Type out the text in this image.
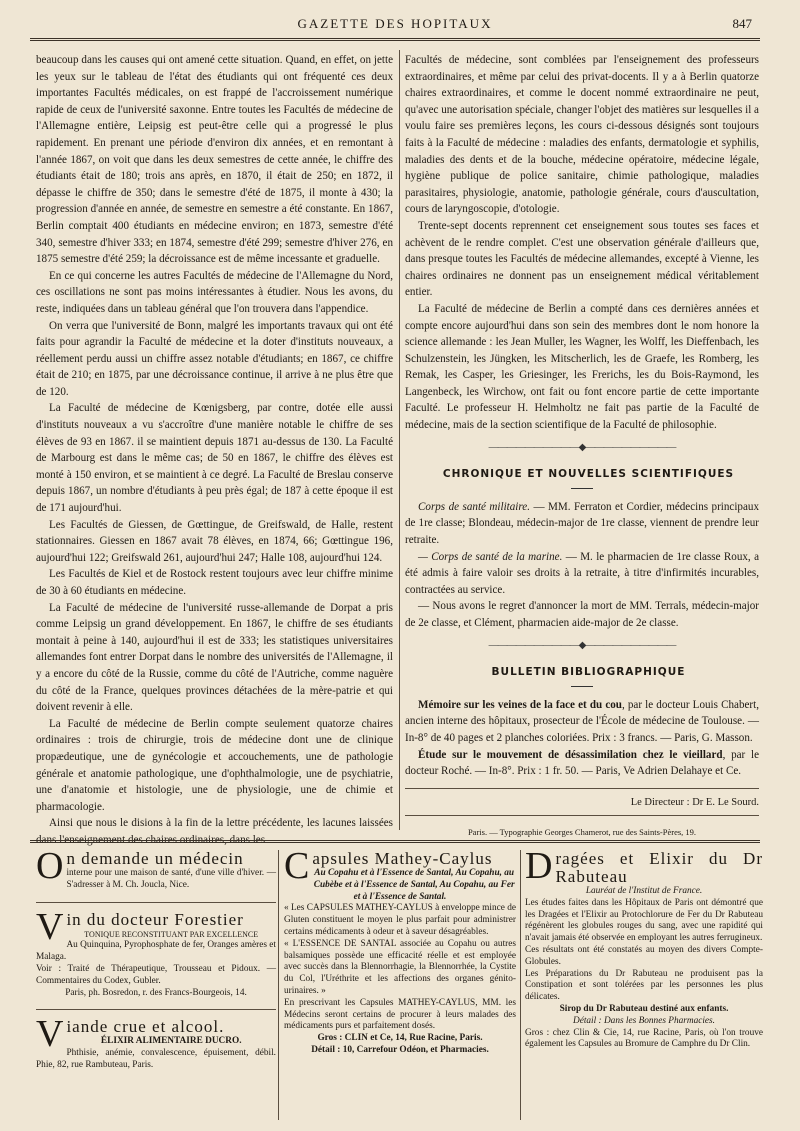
GAZETTE DES HOPITAUX	847

beaucoup dans les causes qui ont amené cette situation. Quand, en effet, on jette les yeux sur le tableau de l'état des étudiants qui ont fréquenté ces deux importantes Facultés médicales, on est frappé de l'accroissement numérique rapide de ceux de l'université saxonne. Entre toutes les Facultés de médecine de l'Allemagne entière, Leipsig est peut-être celle qui a progressé le plus rapidement. En prenant une période d'environ dix années, et en remontant à l'année 1867, on voit que dans les deux semestres de cette année, le chiffre des étudiants était de 180; trois ans après, en 1870, il était de 250; en 1872, il dépasse le chiffre de 350; dans le semestre d'été de 1875, il monte à 430; la progression d'année en année, de semestre en semestre a été constante. En 1867, Berlin comptait 400 étudiants en médecine environ; en 1873, semestre d'été 340, semestre d'hiver 333; en 1874, semestre d'été 299; semestre d'hiver 276, en 1875 semestre d'été 259; la décroissance est de même incessante et graduelle.

En ce qui concerne les autres Facultés de médecine de l'Allemagne du Nord, ces oscillations ne sont pas moins intéressantes à étudier. Nous les avons, du reste, indiquées dans un tableau général que l'on trouvera dans l'appendice.

On verra que l'université de Bonn, malgré les importants travaux qui ont été faits pour agrandir la Faculté de médecine et la doter d'instituts nouveaux, a réellement perdu aussi un chiffre assez notable d'étudiants; en 1867, ce chiffre était de 210; en 1875, par une décroissance continue, il arrive à ne plus être que de 120.

La Faculté de médecine de Kœnigsberg, par contre, dotée elle aussi d'instituts nouveaux a vu s'accroître d'une manière notable le chiffre de ses élèves de 93 en 1867. il se maintient depuis 1871 au-dessus de 130. La Faculté de Marbourg est dans le même cas; de 50 en 1867, le chiffre des élèves est monté à 150 environ, et se maintient à ce degré. La Faculté de Breslau conserve depuis 1867, un nombre d'étudiants à peu près égal; de 187 à cette époque il est de 171 aujourd'hui.

Les Facultés de Giessen, de Gœttingue, de Greifswald, de Halle, restent stationnaires. Giessen en 1867 avait 78 élèves, en 1874, 66; Gœttingue 196, aujourd'hui 122; Greifswald 261, aujourd'hui 247; Halle 108, aujourd'hui 124.

Les Facultés de Kiel et de Rostock restent toujours avec leur chiffre minime de 30 à 60 étudiants en médecine.

La Faculté de médecine de l'université russe-allemande de Dorpat a pris comme Leipsig un grand développement. En 1867, le chiffre de ses étudiants montait à peine à 140, aujourd'hui il est de 333; les statistiques universitaires allemandes font entrer Dorpat dans le nombre des universités de l'Allemagne, il y a encore du côté de la Russie, comme du côté de l'Autriche, comme naguère du côté de la France, quelques provinces détachées de la mère-patrie et qui doivent revenir à elle.

La Faculté de médecine de Berlin compte seulement quatorze chaires ordinaires : trois de chirurgie, trois de médecine dont une de clinique propædeutique, une de gynécologie et accouchements, une de pathologie générale et anatomie pathologique, une d'ophthalmologie, une de psychiatrie, une d'anatomie et histologie, une de physiologie, une de chimie et pharmacologie.

Ainsi que nous le disions à la fin de la lettre précédente, les lacunes laissées dans l'enseignement des chaires ordinaires, dans les

Facultés de médecine, sont comblées par l'enseignement des professeurs extraordinaires, et même par celui des privat-docents. Il y a à Berlin quatorze chaires extraordinaires, et comme le docent nommé extraordinaire ne peut, qu'avec une autorisation spéciale, changer l'objet des matières sur lesquelles il a voulu faire ses premières leçons, les cours ci-dessous désignés sont toujours faits à la Faculté de médecine : maladies des enfants, dermatologie et syphilis, maladies des dents et de la bouche, médecine opératoire, médecine légale, hygiène publique de police sanitaire, chimie pathologique, maladies parasitaires, physiologie, anatomie, pathologie générale, cours d'auscultation, cours de laryngoscopie, d'otologie.

Trente-sept docents reprennent cet enseignement sous toutes ses faces et achèvent de le rendre complet. C'est une observation générale d'ailleurs que, dans presque toutes les Facultés de médecine allemandes, excepté à Vienne, les chaires ordinaires ne donnent pas un enseignement médical véritablement entier.

La Faculté de médecine de Berlin a compté dans ces dernières années et compte encore aujourd'hui dans son sein des membres dont le nom honore la science allemande : les Jean Muller, les Wagner, les Wolff, les Dieffenbach, les Schulzenstein, les Jüngken, les Mitscherlich, les de Graefe, les Romberg, les Remak, les Casper, les Griesinger, les Frerichs, les du Bois-Raymond, les Langenbeck, les Wirchow, ont fait ou font encore partie de cette importante Faculté. Le professeur H. Helmholtz ne fait pas partie de la Faculté de médecine, mais de la section scientifique de la Faculté de philosophie.

——————————◆——————————

CHRONIQUE ET NOUVELLES SCIENTIFIQUES

Corps de santé militaire. — MM. Ferraton et Cordier, médecins principaux de 1re classe; Blondeau, médecin-major de 1re classe, viennent de prendre leur retraite.

— Corps de santé de la marine. — M. le pharmacien de 1re classe Roux, a été admis à faire valoir ses droits à la retraite, à titre d'infirmités incurables, contractées au service.

— Nous avons le regret d'annoncer la mort de MM. Terrals, médecin-major de 2e classe, et Clément, pharmacien aide-major de 2e classe.

——————————◆——————————

BULLETIN BIBLIOGRAPHIQUE

Mémoire sur les veines de la face et du cou, par le docteur Louis Chabert, ancien interne des hôpitaux, prosecteur de l'École de médecine de Toulouse. — In-8° de 40 pages et 2 planches coloriées. Prix : 3 francs. — Paris, G. Masson.

Étude sur le mouvement de désassimilation chez le vieillard, par le docteur Roché. — In-8°. Prix : 1 fr. 50. — Paris, Ve Adrien Delahaye et Ce.

Le Directeur : Dr E. Le Sourd.
Paris. — Typographie Georges Chamerot, rue des Saints-Pères, 19.
O n demande un médecin

interne pour une maison de santé, d'une ville d'hiver. — S'adresser à M. Ch. Joucla, Nice.

V in du docteur Forestier

TONIQUE RECONSTITUANT PAR EXCELLENCE

Au Quinquina, Pyrophosphate de fer, Oranges amères et Malaga.

Voir : Traité de Thérapeutique, Trousseau et Pidoux. — Commentaires du Codex, Gubler.

Paris, ph. Bosredon, r. des Francs-Bourgeois, 14.

V iande crue et alcool.

ÉLIXIR ALIMENTAIRE DUCRO.

Phthisie, anémie, convalescence, épuisement, débil. Phie, 82, rue Rambuteau, Paris.

C apsules Mathey-Caylus

Au Copahu et à l'Essence de Santal, Au Copahu, au Cubèbe et à l'Essence de Santal, Au Copahu, au Fer et à l'Essence de Santal.

« Les CAPSULES MATHEY-CAYLUS à enveloppe mince de Gluten constituent le moyen le plus parfait pour administrer certains médicaments à odeur et à saveur désagréables.

« L'ESSENCE DE SANTAL associée au Copahu ou autres balsamiques possède une efficacité réelle et est employée avec succès dans la Blennorrhagie, la Blennorrhée, la Cystite du Col, l'Uréthrite et les affections des organes génito-urinaires. »

En prescrivant les Capsules MATHEY-CAYLUS, MM. les Médecins seront certains de procurer à leurs malades des médicaments purs et parfaitement dosés.

Gros : CLIN et Ce, 14, Rue Racine, Paris.

Détail : 10, Carrefour Odéon, et Pharmacies.

D ragées et Elixir du Dr Rabuteau

Lauréat de l'Institut de France.

Les études faites dans les Hôpitaux de Paris ont démontré que les Dragées et l'Elixir au Protochlorure de Fer du Dr Rabuteau régénèrent les globules rouges du sang, avec une rapidité qui n'avait jamais été observée en employant les autres ferrugineux.

Ces résultats ont été constatés au moyen des divers Compte-Globules.

Les Préparations du Dr Rabuteau ne produisent pas la Constipation et sont tolérées par les personnes les plus délicates.

Sirop du Dr Rabuteau destiné aux enfants.

Détail : Dans les Bonnes Pharmacies.

Gros : chez Clin & Cie, 14, rue Racine, Paris, où l'on trouve également les Capsules au Bromure de Camphre du Dr Clin.
